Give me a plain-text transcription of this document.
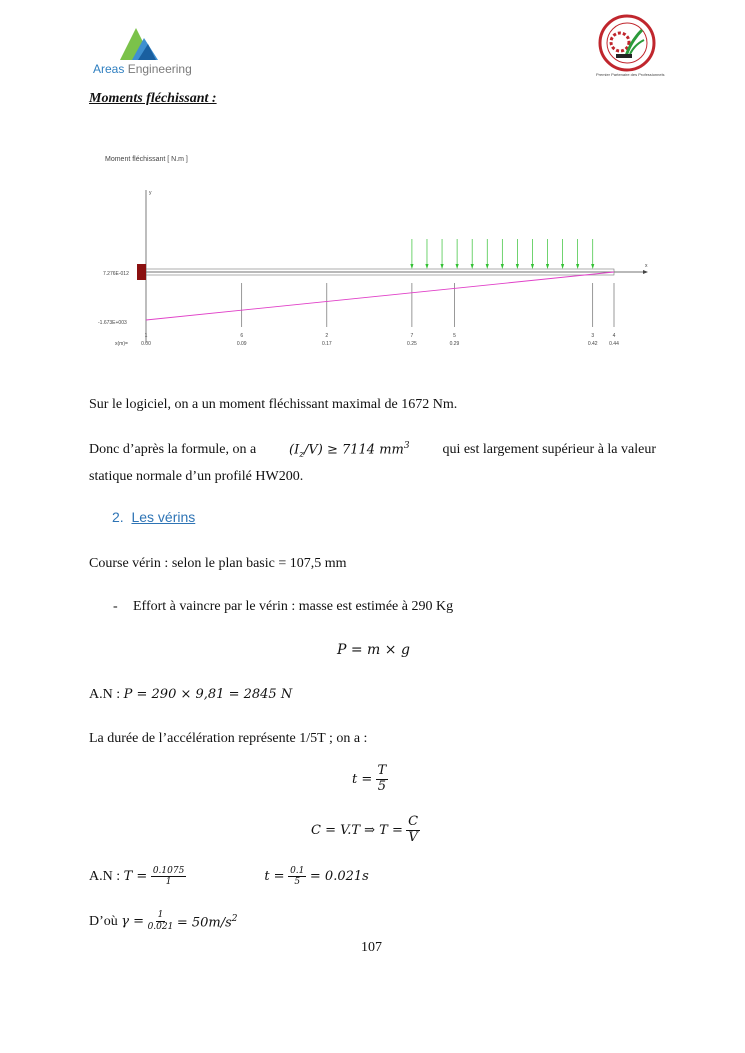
Areas Engineering	Premier Partenaire des Professionnels
Moments fléchissant :
Moment fléchissant [ N.m ]
y
x
7.276E-012
-1.673E+003
x(m)=
1
0.00
6
0.09
2
0.17
7
0.25
5
0.29
3
0.42
4
0.44
Sur le logiciel, on a un moment fléchissant maximal de 1672 Nm.
Donc d’après la formule, on a	$(I_z/V) \ge 7114$ $mm^3$ qui est largement supérieur à la valeur
statique normale d’un profilé HW200.
2. Les vérins
Course vérin : selon le plan basic = 107,5 mm
- Effort à vaincre par le vérin : masse est estimée à 290 Kg
P = m × g
A.N : P = 290 × 9,81 = 2845 N
La durée de l’accélération représente 1/5T ; on a :
t =
$\frac{T}{5}$
C = V.T ⇒ T =
$\frac{C}{V}$
A.N :
T =
$\frac{0.1075}{1}$	t =
$\frac{0.1}{5}$
= 0.021s
D’où
γ =
$\frac{1}{0.021}$
= $50m/s^2$
107
